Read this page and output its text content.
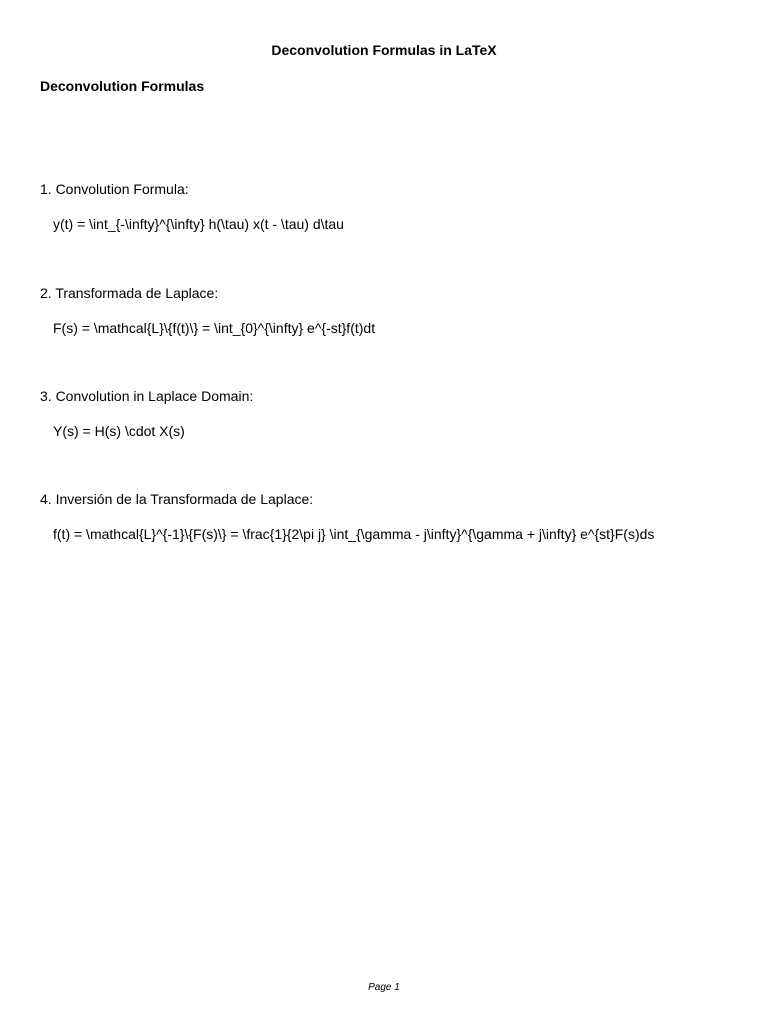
Deconvolution Formulas in LaTeX
Deconvolution Formulas
1. Convolution Formula:
y(t) = \int_{-\infty}^{\infty} h(\tau) x(t - \tau) d\tau
2. Transformada de Laplace:
F(s) = \mathcal{L}\{f(t)\} = \int_{0}^{\infty} e^{-st}f(t)dt
3. Convolution in Laplace Domain:
Y(s) = H(s) \cdot X(s)
4. Inversión de la Transformada de Laplace:
f(t) = \mathcal{L}^{-1}\{F(s)\} = \frac{1}{2\pi j} \int_{\gamma - j\infty}^{\gamma + j\infty} e^{st}F(s)ds
Page 1
